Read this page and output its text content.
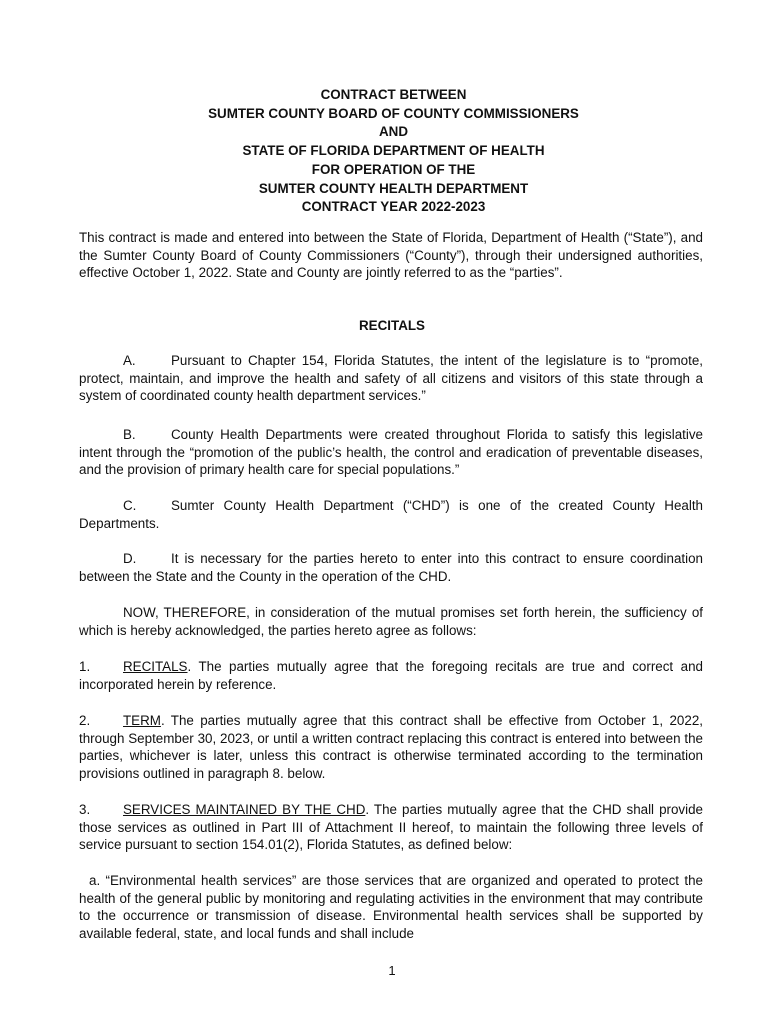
CONTRACT BETWEEN
SUMTER COUNTY BOARD OF COUNTY COMMISSIONERS
AND
STATE OF FLORIDA DEPARTMENT OF HEALTH
FOR OPERATION OF THE
SUMTER COUNTY HEALTH DEPARTMENT
CONTRACT YEAR 2022-2023
This contract is made and entered into between the State of Florida, Department of Health (“State”), and the Sumter County Board of County Commissioners (“County”), through their undersigned authorities, effective October 1, 2022. State and County are jointly referred to as the “parties”.
RECITALS
A.	Pursuant to Chapter 154, Florida Statutes, the intent of the legislature is to “promote, protect, maintain, and improve the health and safety of all citizens and visitors of this state through a system of coordinated county health department services.”
B.	County Health Departments were created throughout Florida to satisfy this legislative intent through the “promotion of the public’s health, the control and eradication of preventable diseases, and the provision of primary health care for special populations.”
C.	Sumter County Health Department (“CHD”) is one of the created County Health Departments.
D.	It is necessary for the parties hereto to enter into this contract to ensure coordination between the State and the County in the operation of the CHD.
NOW, THEREFORE, in consideration of the mutual promises set forth herein, the sufficiency of which is hereby acknowledged, the parties hereto agree as follows:
1. RECITALS. The parties mutually agree that the foregoing recitals are true and correct and incorporated herein by reference.
2. TERM. The parties mutually agree that this contract shall be effective from October 1, 2022, through September 30, 2023, or until a written contract replacing this contract is entered into between the parties, whichever is later, unless this contract is otherwise terminated according to the termination provisions outlined in paragraph 8. below.
3. SERVICES MAINTAINED BY THE CHD. The parties mutually agree that the CHD shall provide those services as outlined in Part III of Attachment II hereof, to maintain the following three levels of service pursuant to section 154.01(2), Florida Statutes, as defined below:
a. “Environmental health services” are those services that are organized and operated to protect the health of the general public by monitoring and regulating activities in the environment that may contribute to the occurrence or transmission of disease. Environmental health services shall be supported by available federal, state, and local funds and shall include
1
